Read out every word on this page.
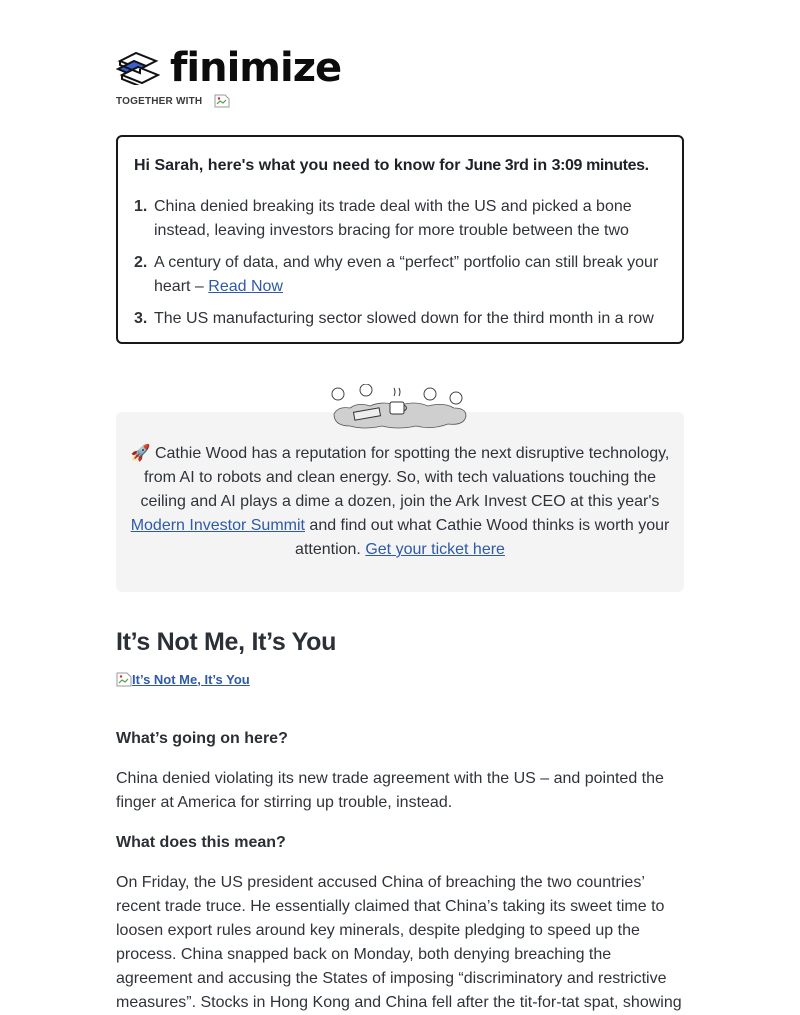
finimize
TOGETHER WITH
Hi Sarah, here's what you need to know for June 3rd in 3:09 minutes.
1. China denied breaking its trade deal with the US and picked a bone instead, leaving investors bracing for more trouble between the two
2. A century of data, and why even a “perfect” portfolio can still break your heart – Read Now
3. The US manufacturing sector slowed down for the third month in a row

🚀 Cathie Wood has a reputation for spotting the next disruptive technology, from AI to robots and clean energy. So, with tech valuations touching the ceiling and AI plays a dime a dozen, join the Ark Invest CEO at this year's Modern Investor Summit and find out what Cathie Wood thinks is worth your attention. Get your ticket here

It’s Not Me, It’s You
It’s Not Me, It’s You
What’s going on here?

China denied violating its new trade agreement with the US – and pointed the finger at America for stirring up trouble, instead.

What does this mean?

On Friday, the US president accused China of breaching the two countries’ recent trade truce. He essentially claimed that China’s taking its sweet time to loosen export rules around key minerals, despite pledging to speed up the process. China snapped back on Monday, both denying breaching the agreement and accusing the States of imposing “discriminatory and restrictive measures”. Stocks in Hong Kong and China fell after the tit-for-tat spat, showing
